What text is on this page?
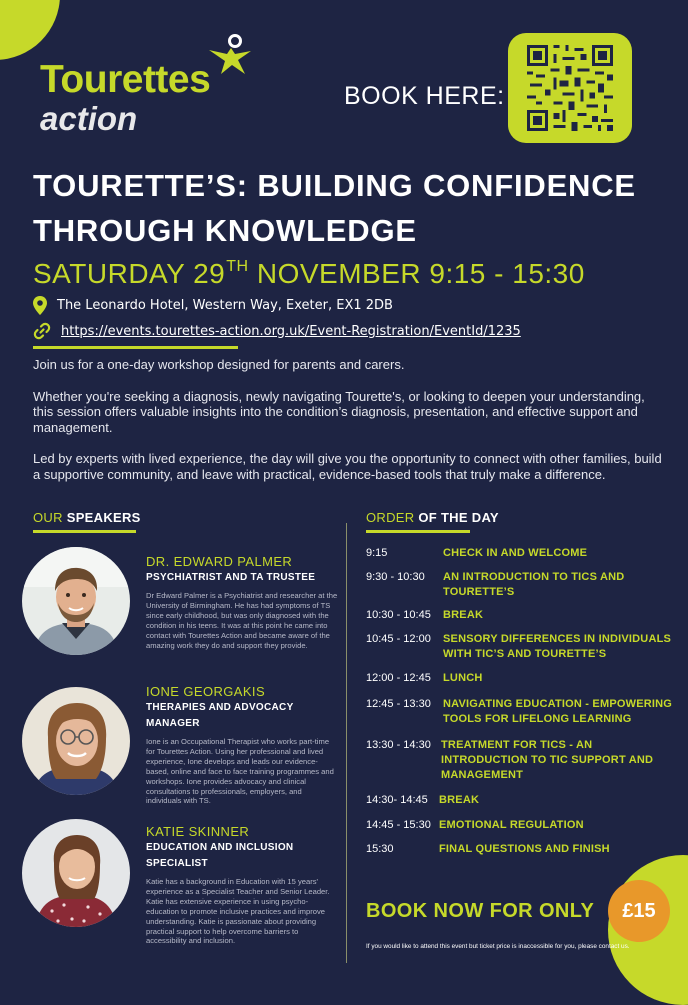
Tourettes
action
BOOK HERE:
TOURETTE’S: BUILDING CONFIDENCE
THROUGH KNOWLEDGE
SATURDAY 29TH NOVEMBER 9:15 - 15:30
The Leonardo Hotel, Western Way, Exeter, EX1 2DB
https://events.tourettes-action.org.uk/Event-Registration/EventId/1235

Join us for a one-day workshop designed for parents and carers.

Whether you're seeking a diagnosis, newly navigating Tourette's, or looking to deepen your understanding, this session offers valuable insights into the condition’s diagnosis, presentation, and effective support and management.

Led by experts with lived experience, the day will give you the opportunity to connect with other families, build a supportive community, and leave with practical, evidence-based tools that truly make a difference.

OUR SPEAKERS	ORDER OF THE DAY
DR. EDWARD PALMER
PSYCHIATRIST AND TA TRUSTEE
Dr Edward Palmer is a Psychiatrist and researcher at the University of Birmingham. He has had symptoms of TS since early childhood, but was only diagnosed with the condition in his teens. It was at this point he came into contact with Tourettes Action and became aware of the amazing work they do and support they provide.
IONE GEORGAKIS
THERAPIES AND ADVOCACY MANAGER
Ione is an Occupational Therapist who works part-time for Tourettes Action. Using her professional and lived experience, Ione develops and leads our evidence-based, online and face to face training programmes and workshops. Ione provides advocacy and clinical consultations to professionals, employers, and individuals with TS.
KATIE SKINNER
EDUCATION AND INCLUSION SPECIALIST
Katie has a background in Education with 15 years' experience as a Specialist Teacher and Senior Leader. Katie has extensive experience in using psycho-education to promote inclusive practices and improve understanding. Katie is passionate about providing practical support to help overcome barriers to accessibility and inclusion.
9:15	CHECK IN AND WELCOME
9:30 - 10:30 AN INTRODUCTION TO TICS AND TOURETTE’S
10:30 - 10:45 BREAK
10:45 - 12:00 SENSORY DIFFERENCES IN INDIVIDUALS WITH TIC’S AND TOURETTE’S
12:00 - 12:45 LUNCH
12:45 - 13:30 NAVIGATING EDUCATION - EMPOWERING TOOLS FOR LIFELONG LEARNING
13:30 - 14:30 TREATMENT FOR TICS - AN INTRODUCTION TO TIC SUPPORT AND MANAGEMENT
14:30- 14:45 BREAK
14:45 - 15:30 EMOTIONAL REGULATION
15:30	FINAL QUESTIONS AND FINISH
BOOK NOW FOR ONLY	£15
If you would like to attend this event but ticket price is inaccessible for you, please contact us.
